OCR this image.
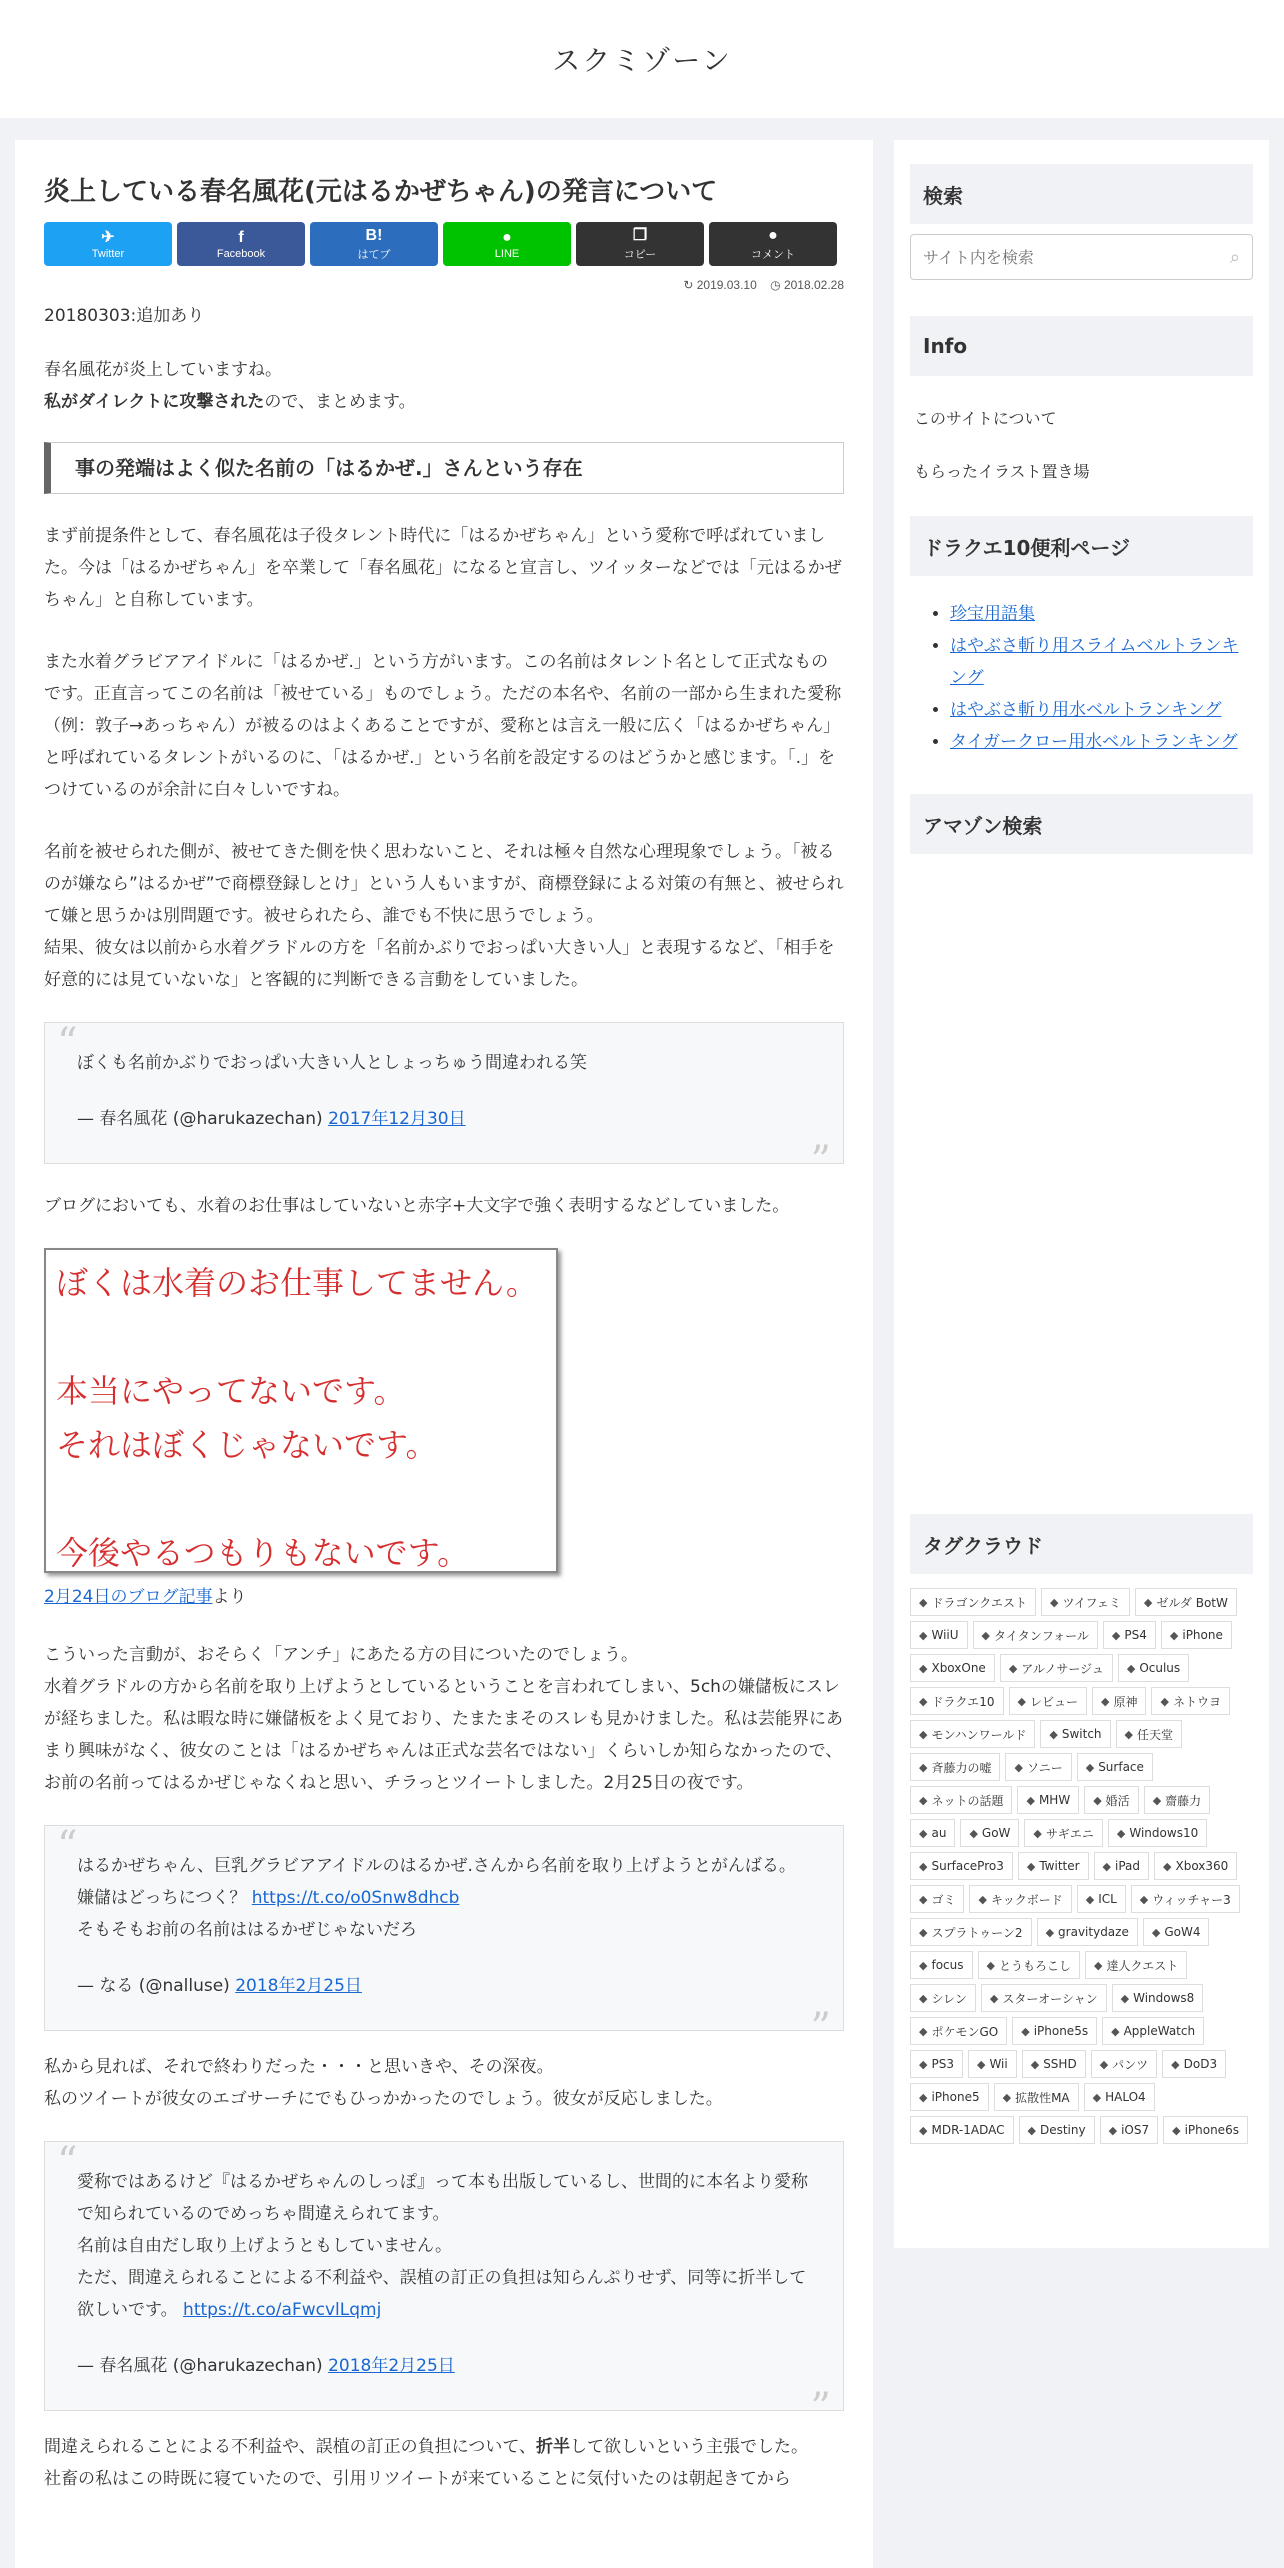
スクミゾーン
炎上している春名風花(元はるかぜちゃん)の発言について
✈
Twitter
f
Facebook
B!
はてブ
●
LINE
❐
コピー
●
コメント
↻ 2019.03.10 ◷ 2018.02.28

20180303:追加あり

春名風花が炎上していますね。
私がダイレクトに攻撃されたので、まとめます。

事の発端はよく似た名前の「はるかぜ.」さんという存在

まず前提条件として、春名風花は子役タレント時代に「はるかぜちゃん」という愛称で呼ばれていました。今は「はるかぜちゃん」を卒業して「春名風花」になると宣言し、ツイッターなどでは「元はるかぜちゃん」と自称しています。

また水着グラビアアイドルに「はるかぜ.」という方がいます。この名前はタレント名として正式なものです。正直言ってこの名前は「被せている」ものでしょう。ただの本名や、名前の一部から生まれた愛称（例：敦子→あっちゃん）が被るのはよくあることですが、愛称とは言え一般に広く「はるかぜちゃん」と呼ばれているタレントがいるのに、「はるかぜ.」という名前を設定するのはどうかと感じます。「.」をつけているのが余計に白々しいですね。

名前を被せられた側が、被せてきた側を快く思わないこと、それは極々自然な心理現象でしょう。「被るのが嫌なら”はるかぜ”で商標登録しとけ」という人もいますが、商標登録による対策の有無と、被せられて嫌と思うかは別問題です。被せられたら、誰でも不快に思うでしょう。
結果、彼女は以前から水着グラドルの方を「名前かぶりでおっぱい大きい人」と表現するなど、「相手を好意的には見ていないな」と客観的に判断できる言動をしていました。

“ ぼくも名前かぶりでおっぱい大きい人としょっちゅう間違われる笑
— 春名風花 (@harukazechan) 2017年12月30日
”

ブログにおいても、水着のお仕事はしていないと赤字+大文字で強く表明するなどしていました。

ぼくは水着のお仕事してません。
本当にやってないです。
それはぼくじゃないです。
今後やるつもりもないです。
2月24日のブログ記事より

こういった言動が、おそらく「アンチ」にあたる方の目についたのでしょう。
水着グラドルの方から名前を取り上げようとしているということを言われてしまい、5chの嫌儲板にスレが経ちました。私は暇な時に嫌儲板をよく見ており、たまたまそのスレも見かけました。私は芸能界にあまり興味がなく、彼女のことは「はるかぜちゃんは正式な芸名ではない」くらいしか知らなかったので、お前の名前ってはるかぜじゃなくねと思い、チラっとツイートしました。2月25日の夜です。

“ はるかぜちゃん、巨乳グラビアアイドルのはるかぜ.さんから名前を取り上げようとがんばる。嫌儲はどっちにつく？ https://t.co/o0Snw8dhcb
そもそもお前の名前ははるかぜじゃないだろ
— なる (@nalluse) 2018年2月25日
”

私から見れば、それで終わりだった・・・と思いきや、その深夜。
私のツイートが彼女のエゴサーチにでもひっかかったのでしょう。彼女が反応しました。

“ 愛称ではあるけど『はるかぜちゃんのしっぽ』って本も出版しているし、世間的に本名より愛称で知られているのでめっちゃ間違えられてます。
名前は自由だし取り上げようともしていません。
ただ、間違えられることによる不利益や、誤植の訂正の負担は知らんぷりせず、同等に折半して欲しいです。 https://t.co/aFwcvlLqmj
— 春名風花 (@harukazechan) 2018年2月25日
”

間違えられることによる不利益や、誤植の訂正の負担について、折半して欲しいという主張でした。

社畜の私はこの時既に寝ていたので、引用リツイートが来ていることに気付いたのは朝起きてから

検索
サイト内を検索
⌕
Info
このサイトについて
もらったイラスト置き場
ドラクエ10便利ページ
• 珍宝用語集
• はやぶさ斬り用スライムベルトランキング
• はやぶさ斬り用水ベルトランキング
• タイガークロー用水ベルトランキング
アマゾン検索
タグクラウド
◆ ドラゴンクエスト ◆ ツイフェミ ◆ ゼルダ BotW
◆ WiiU ◆ タイタンフォール ◆ PS4 ◆ iPhone
◆ XboxOne ◆ アルノサージュ ◆ Oculus
◆ ドラクエ10 ◆ レビュー ◆ 原神 ◆ ネトウヨ
◆ モンハンワールド ◆ Switch ◆ 任天堂
◆ 斉藤力の嘘 ◆ ソニー ◆ Surface
◆ ネットの話題 ◆ MHW ◆ 婚活 ◆ 齋藤力
◆ au ◆ GoW ◆ サギエニ ◆ Windows10
◆ SurfacePro3 ◆ Twitter ◆ iPad ◆ Xbox360
◆ ゴミ ◆ キックボード ◆ ICL ◆ ウィッチャー3
◆ スプラトゥーン2 ◆ gravitydaze ◆ GoW4
◆ focus ◆ とうもろこし ◆ 達人クエスト
◆ シレン ◆ スターオーシャン ◆ Windows8
◆ ポケモンGO ◆ iPhone5s ◆ AppleWatch
◆ PS3 ◆ Wii ◆ SSHD ◆ パンツ ◆ DoD3
◆ iPhone5 ◆ 拡散性MA ◆ HALO4
◆ MDR-1ADAC ◆ Destiny ◆ iOS7 ◆ iPhone6s
